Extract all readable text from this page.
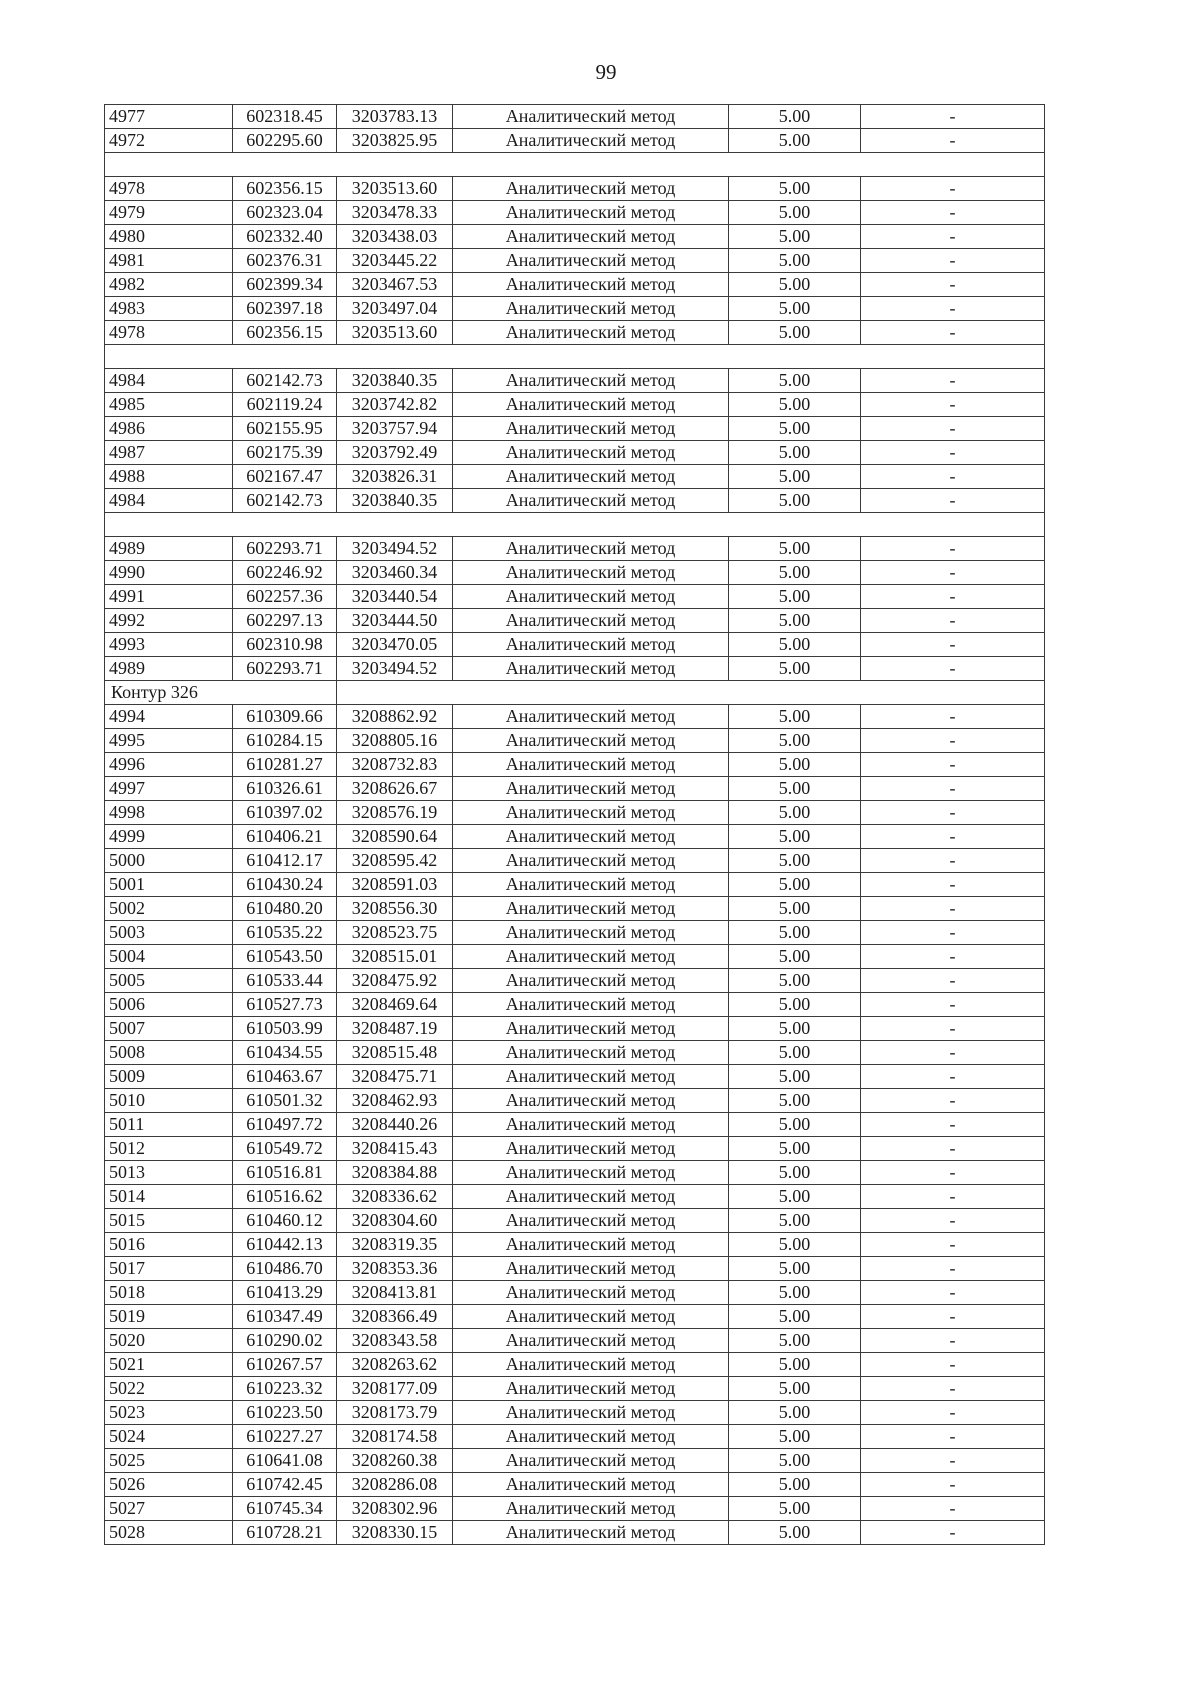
99
4977	602318.45	3203783.13	Аналитический метод	5.00	-
4972	602295.60	3203825.95	Аналитический метод	5.00	-

4978	602356.15	3203513.60	Аналитический метод	5.00	-
4979	602323.04	3203478.33	Аналитический метод	5.00	-
4980	602332.40	3203438.03	Аналитический метод	5.00	-
4981	602376.31	3203445.22	Аналитический метод	5.00	-
4982	602399.34	3203467.53	Аналитический метод	5.00	-
4983	602397.18	3203497.04	Аналитический метод	5.00	-
4978	602356.15	3203513.60	Аналитический метод	5.00	-

4984	602142.73	3203840.35	Аналитический метод	5.00	-
4985	602119.24	3203742.82	Аналитический метод	5.00	-
4986	602155.95	3203757.94	Аналитический метод	5.00	-
4987	602175.39	3203792.49	Аналитический метод	5.00	-
4988	602167.47	3203826.31	Аналитический метод	5.00	-
4984	602142.73	3203840.35	Аналитический метод	5.00	-

4989	602293.71	3203494.52	Аналитический метод	5.00	-
4990	602246.92	3203460.34	Аналитический метод	5.00	-
4991	602257.36	3203440.54	Аналитический метод	5.00	-
4992	602297.13	3203444.50	Аналитический метод	5.00	-
4993	602310.98	3203470.05	Аналитический метод	5.00	-
4989	602293.71	3203494.52	Аналитический метод	5.00	-
Контур 326					
4994	610309.66	3208862.92	Аналитический метод	5.00	-
4995	610284.15	3208805.16	Аналитический метод	5.00	-
4996	610281.27	3208732.83	Аналитический метод	5.00	-
4997	610326.61	3208626.67	Аналитический метод	5.00	-
4998	610397.02	3208576.19	Аналитический метод	5.00	-
4999	610406.21	3208590.64	Аналитический метод	5.00	-
5000	610412.17	3208595.42	Аналитический метод	5.00	-
5001	610430.24	3208591.03	Аналитический метод	5.00	-
5002	610480.20	3208556.30	Аналитический метод	5.00	-
5003	610535.22	3208523.75	Аналитический метод	5.00	-
5004	610543.50	3208515.01	Аналитический метод	5.00	-
5005	610533.44	3208475.92	Аналитический метод	5.00	-
5006	610527.73	3208469.64	Аналитический метод	5.00	-
5007	610503.99	3208487.19	Аналитический метод	5.00	-
5008	610434.55	3208515.48	Аналитический метод	5.00	-
5009	610463.67	3208475.71	Аналитический метод	5.00	-
5010	610501.32	3208462.93	Аналитический метод	5.00	-
5011	610497.72	3208440.26	Аналитический метод	5.00	-
5012	610549.72	3208415.43	Аналитический метод	5.00	-
5013	610516.81	3208384.88	Аналитический метод	5.00	-
5014	610516.62	3208336.62	Аналитический метод	5.00	-
5015	610460.12	3208304.60	Аналитический метод	5.00	-
5016	610442.13	3208319.35	Аналитический метод	5.00	-
5017	610486.70	3208353.36	Аналитический метод	5.00	-
5018	610413.29	3208413.81	Аналитический метод	5.00	-
5019	610347.49	3208366.49	Аналитический метод	5.00	-
5020	610290.02	3208343.58	Аналитический метод	5.00	-
5021	610267.57	3208263.62	Аналитический метод	5.00	-
5022	610223.32	3208177.09	Аналитический метод	5.00	-
5023	610223.50	3208173.79	Аналитический метод	5.00	-
5024	610227.27	3208174.58	Аналитический метод	5.00	-
5025	610641.08	3208260.38	Аналитический метод	5.00	-
5026	610742.45	3208286.08	Аналитический метод	5.00	-
5027	610745.34	3208302.96	Аналитический метод	5.00	-
5028	610728.21	3208330.15	Аналитический метод	5.00	-
